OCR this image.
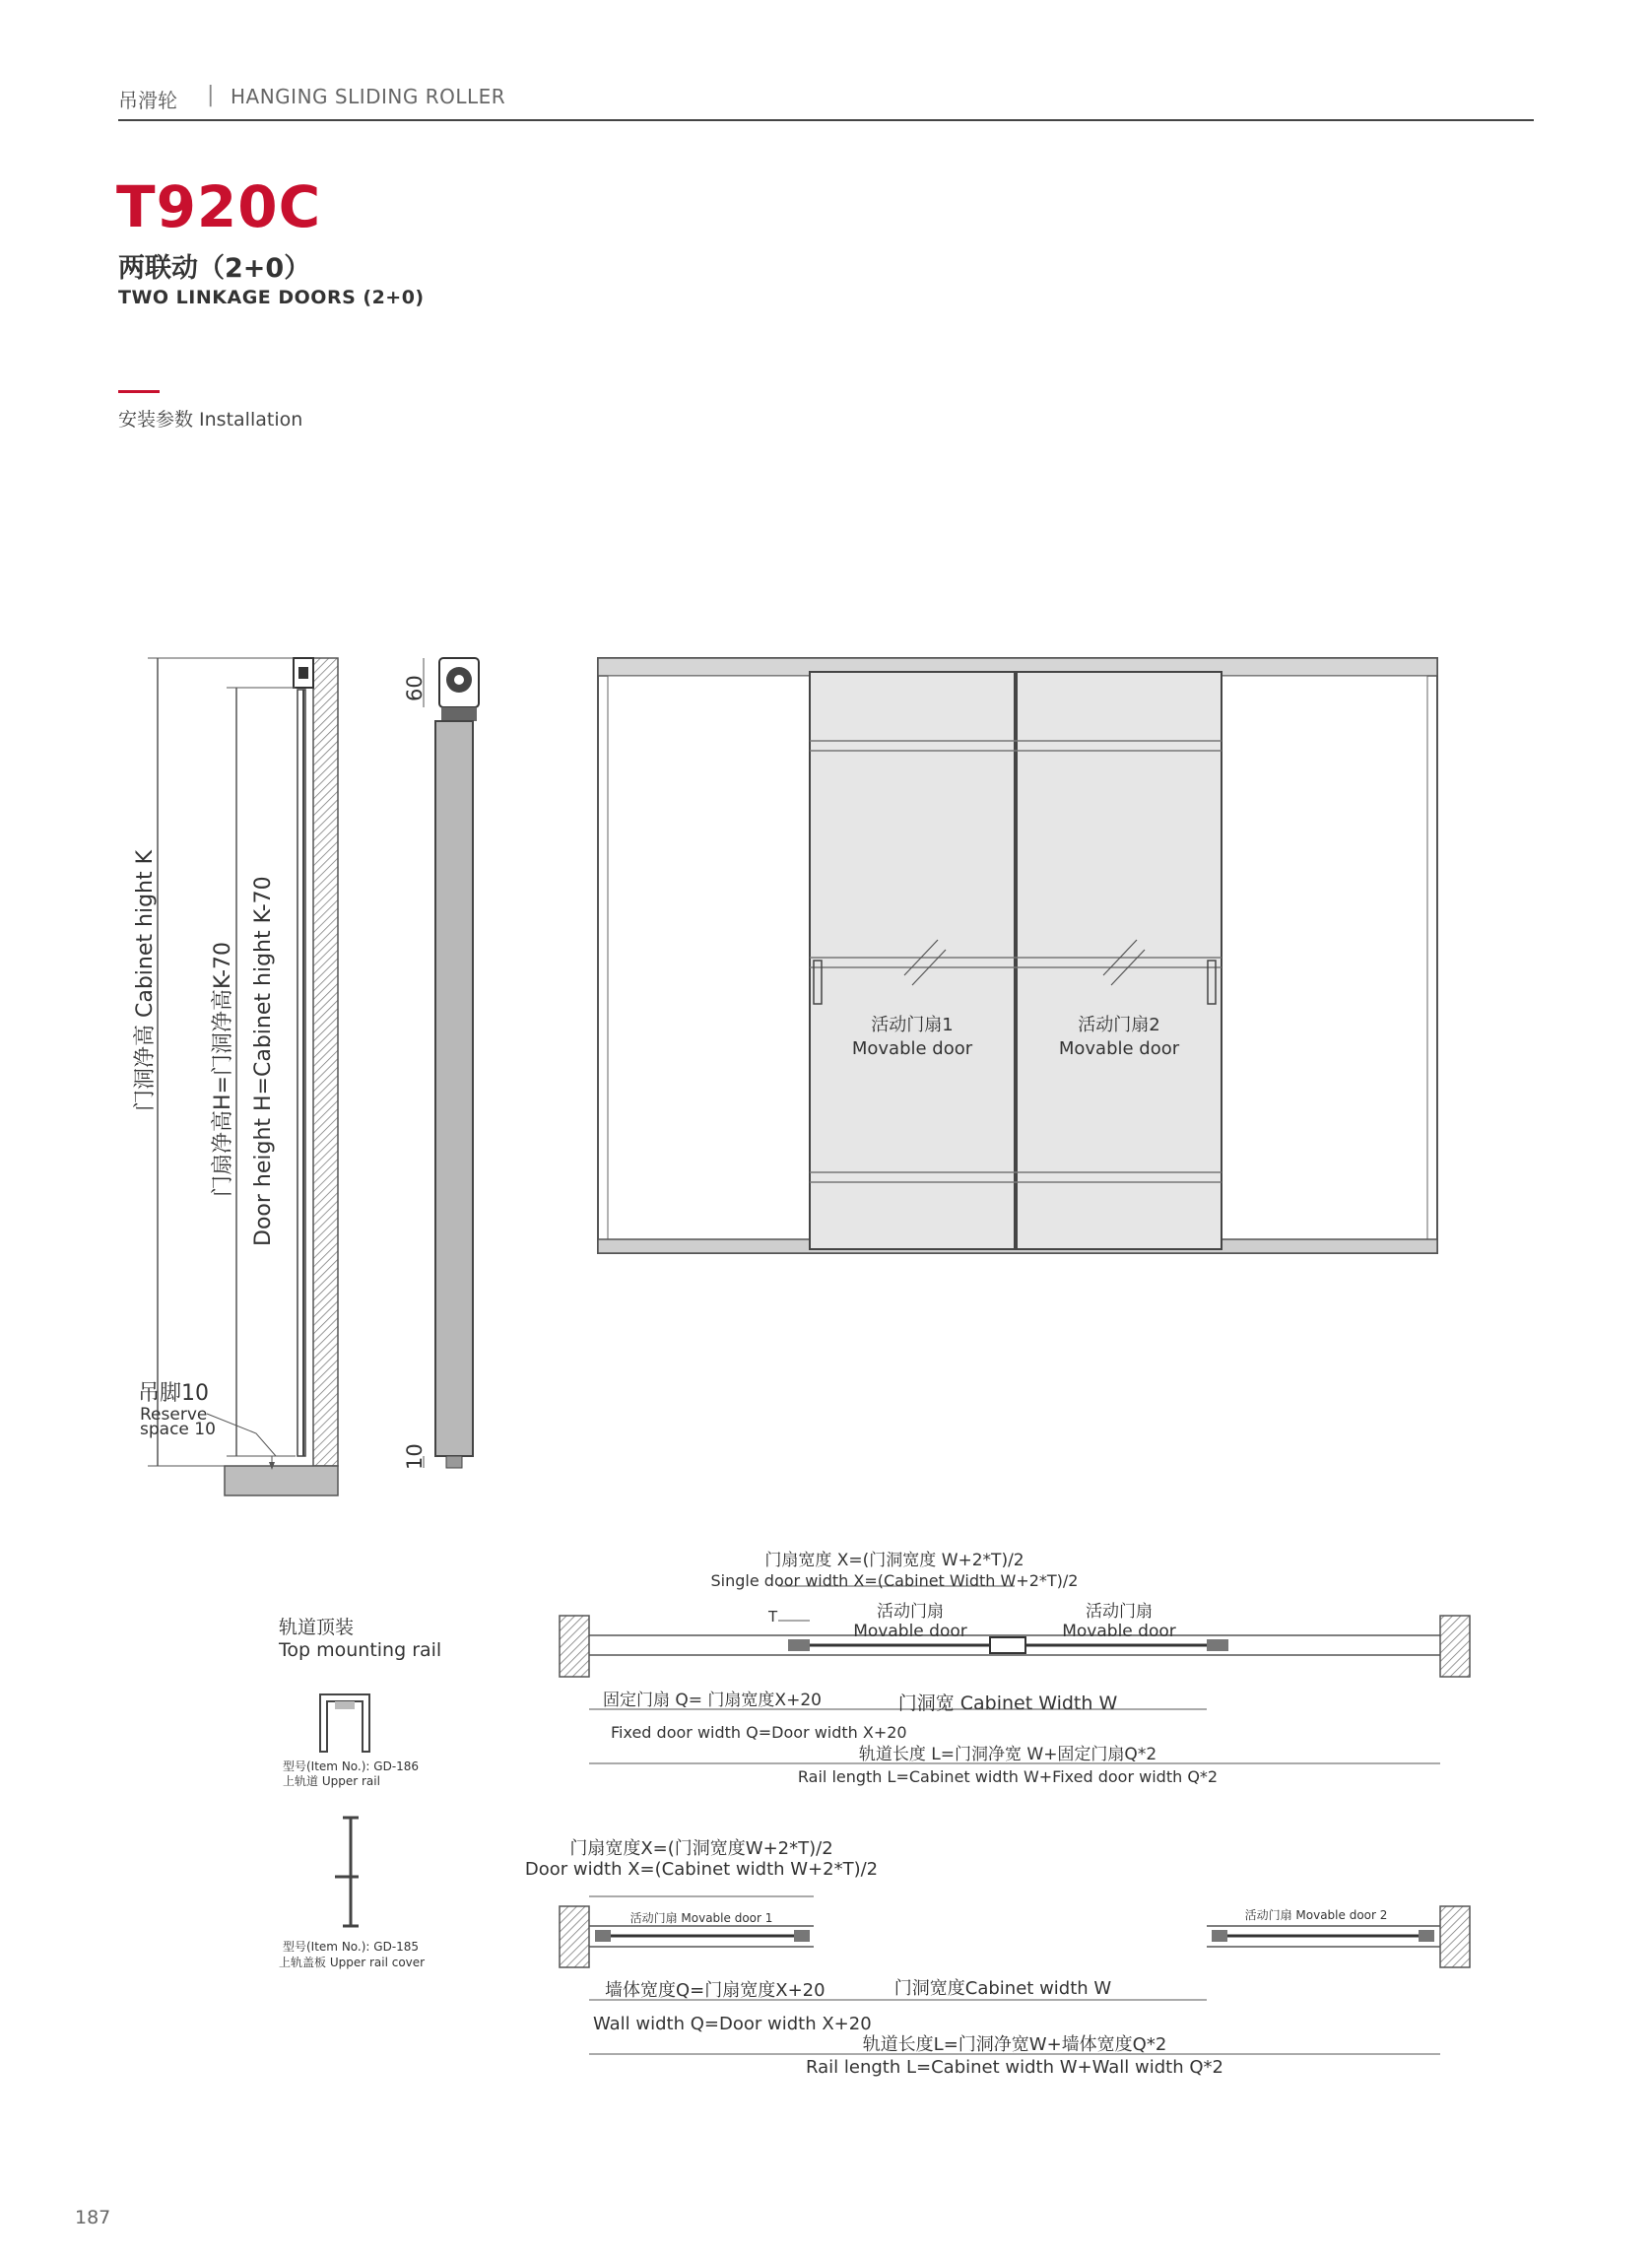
吊滑轮 | HANGING SLIDING ROLLER
T920C
两联动（2+0）
TWO LINKAGE DOORS (2+0)
安装参数 Installation
门洞净高 Cabinet hight K 门扇净高H=门洞净高K-70 Door height H=Cabinet hight K-70
吊脚10
Reserve
space 10
60
10
活动门扇1
Movable door
活动门扇2
Movable door
轨道顶装
Top mounting rail
型号(Item No.): GD-186
上轨道 Upper rail
型号(Item No.): GD-185
上轨盖板 Upper rail cover
门扇宽度 X=(门洞宽度 W+2*T)/2
Single door width X=(Cabinet Width W+2*T)/2
T	活动门扇
Movable door
活动门扇
Movable door
固定门扇 Q= 门扇宽度X+20	门洞宽 Cabinet Width W
Fixed door width Q=Door width X+20
轨道长度 L=门洞净宽 W+固定门扇Q*2
Rail length L=Cabinet width W+Fixed door width Q*2
门扇宽度X=(门洞宽度W+2*T)/2
Door width X=(Cabinet width W+2*T)/2
活动门扇 Movable door 1	活动门扇 Movable door 2
墙体宽度Q=门扇宽度X+20	门洞宽度Cabinet width W
Wall width Q=Door width X+20
轨道长度L=门洞净宽W+墙体宽度Q*2
Rail length L=Cabinet width W+Wall width Q*2
187
